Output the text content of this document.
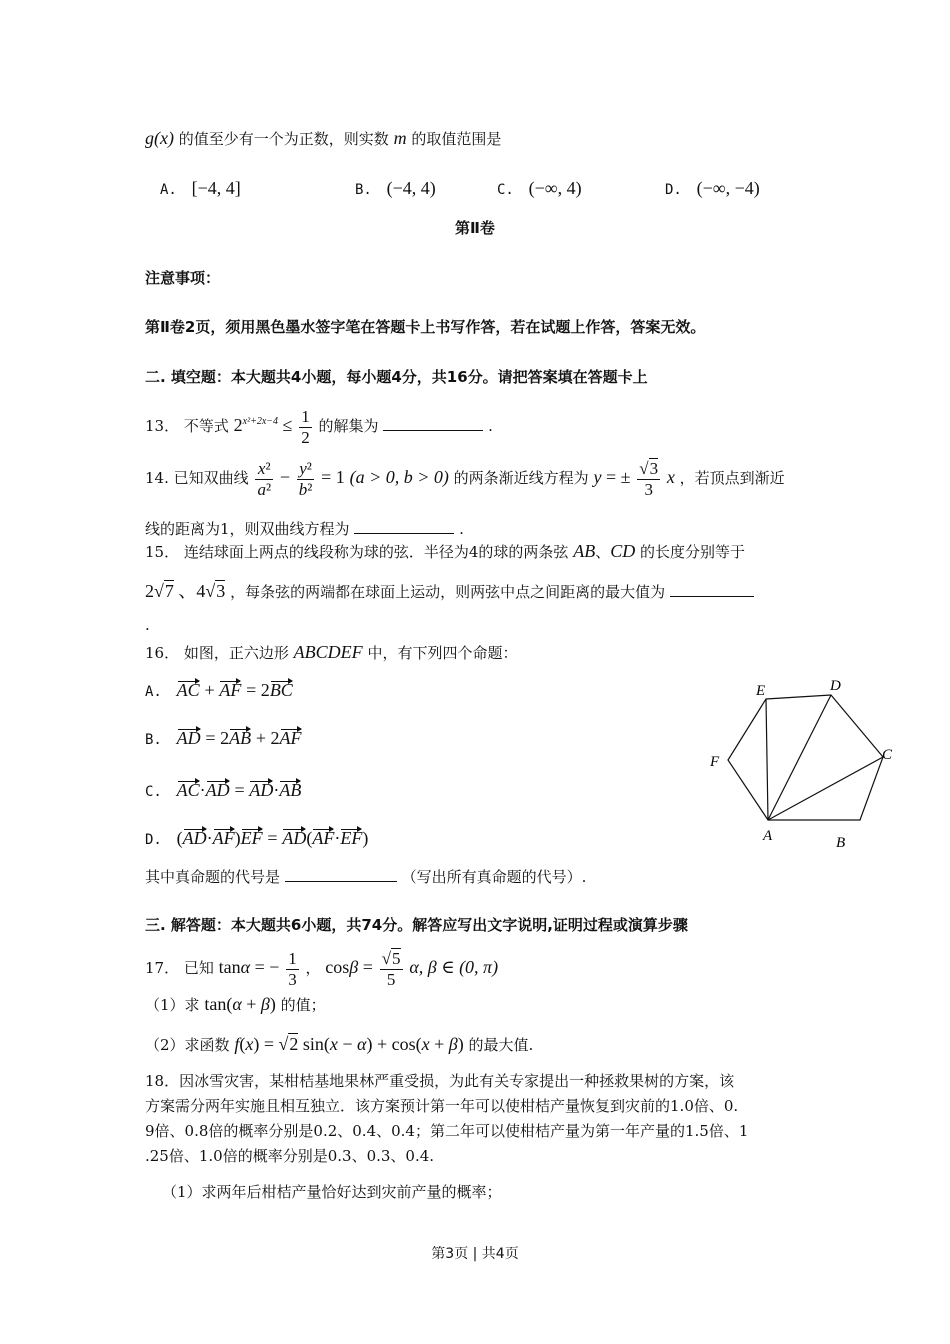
g(x) 的值至少有一个为正数，则实数 m 的取值范围是
A. [−4, 4]	B. (−4, 4)	C. (−∞, 4)	D. (−∞, −4)
第Ⅱ卷
注意事项：
第Ⅱ卷2页，须用黑色墨水签字笔在答题卡上书写作答，若在试题上作答，答案无效。
二. 填空题：本大题共4小题，每小题4分，共16分。请把答案填在答题卡上
13． 不等式 $2^{x^2+2x-4} \le \frac{1}{2}$ 的解集为	.
14. 已知双曲线 $\frac{\text{x²}}{\text{a²}} - \frac{\text{y²}}{\text{b²}} = 1$ (a > 0, b > 0) 的两条渐近线方程为 y = ± $\frac{√3}{3}$ x ，若顶点到渐近
线的距离为1，则双曲线方程为	.
15． 连结球面上两点的线段称为球的弦．半径为4的球的两条弦 AB、CD 的长度分别等于
2√7 、4√3 ，每条弦的两端都在球面上运动，则两弦中点之间距离的最大值为
.
16． 如图，正六边形 ABCDEF 中，有下列四个命题：
A. AC + AF = 2BC
B. AD = 2AB + 2AF
C. AC·AD = AD·AB
D. (AD·AF)EF = AD(AF·EF)	A	B
C
D
E
F
其中真命题的代号是	（写出所有真命题的代号）.
三. 解答题：本大题共6小题，共74分。解答应写出文字说明,证明过程或演算步骤
17． 已知 tanα = − $\frac{1}{3}$ ， $\cos\beta = \frac{√5}{5} \alpha$, β ∈ (0, π)
（1）求 tan(α + β) 的值；
（2）求函数 f(x) = √2 sin(x − α) + cos(x + β) 的最大值.
18．因冰雪灾害，某柑桔基地果林严重受损，为此有关专家提出一种拯救果树的方案，该
方案需分两年实施且相互独立．该方案预计第一年可以使柑桔产量恢复到灾前的1.0倍、0.
9倍、0.8倍的概率分别是0.2、0.4、0.4；第二年可以使柑桔产量为第一年产量的1.5倍、1
.25倍、1.0倍的概率分别是0.3、0.3、0.4.
（1）求两年后柑桔产量恰好达到灾前产量的概率；
第3页 | 共4页
